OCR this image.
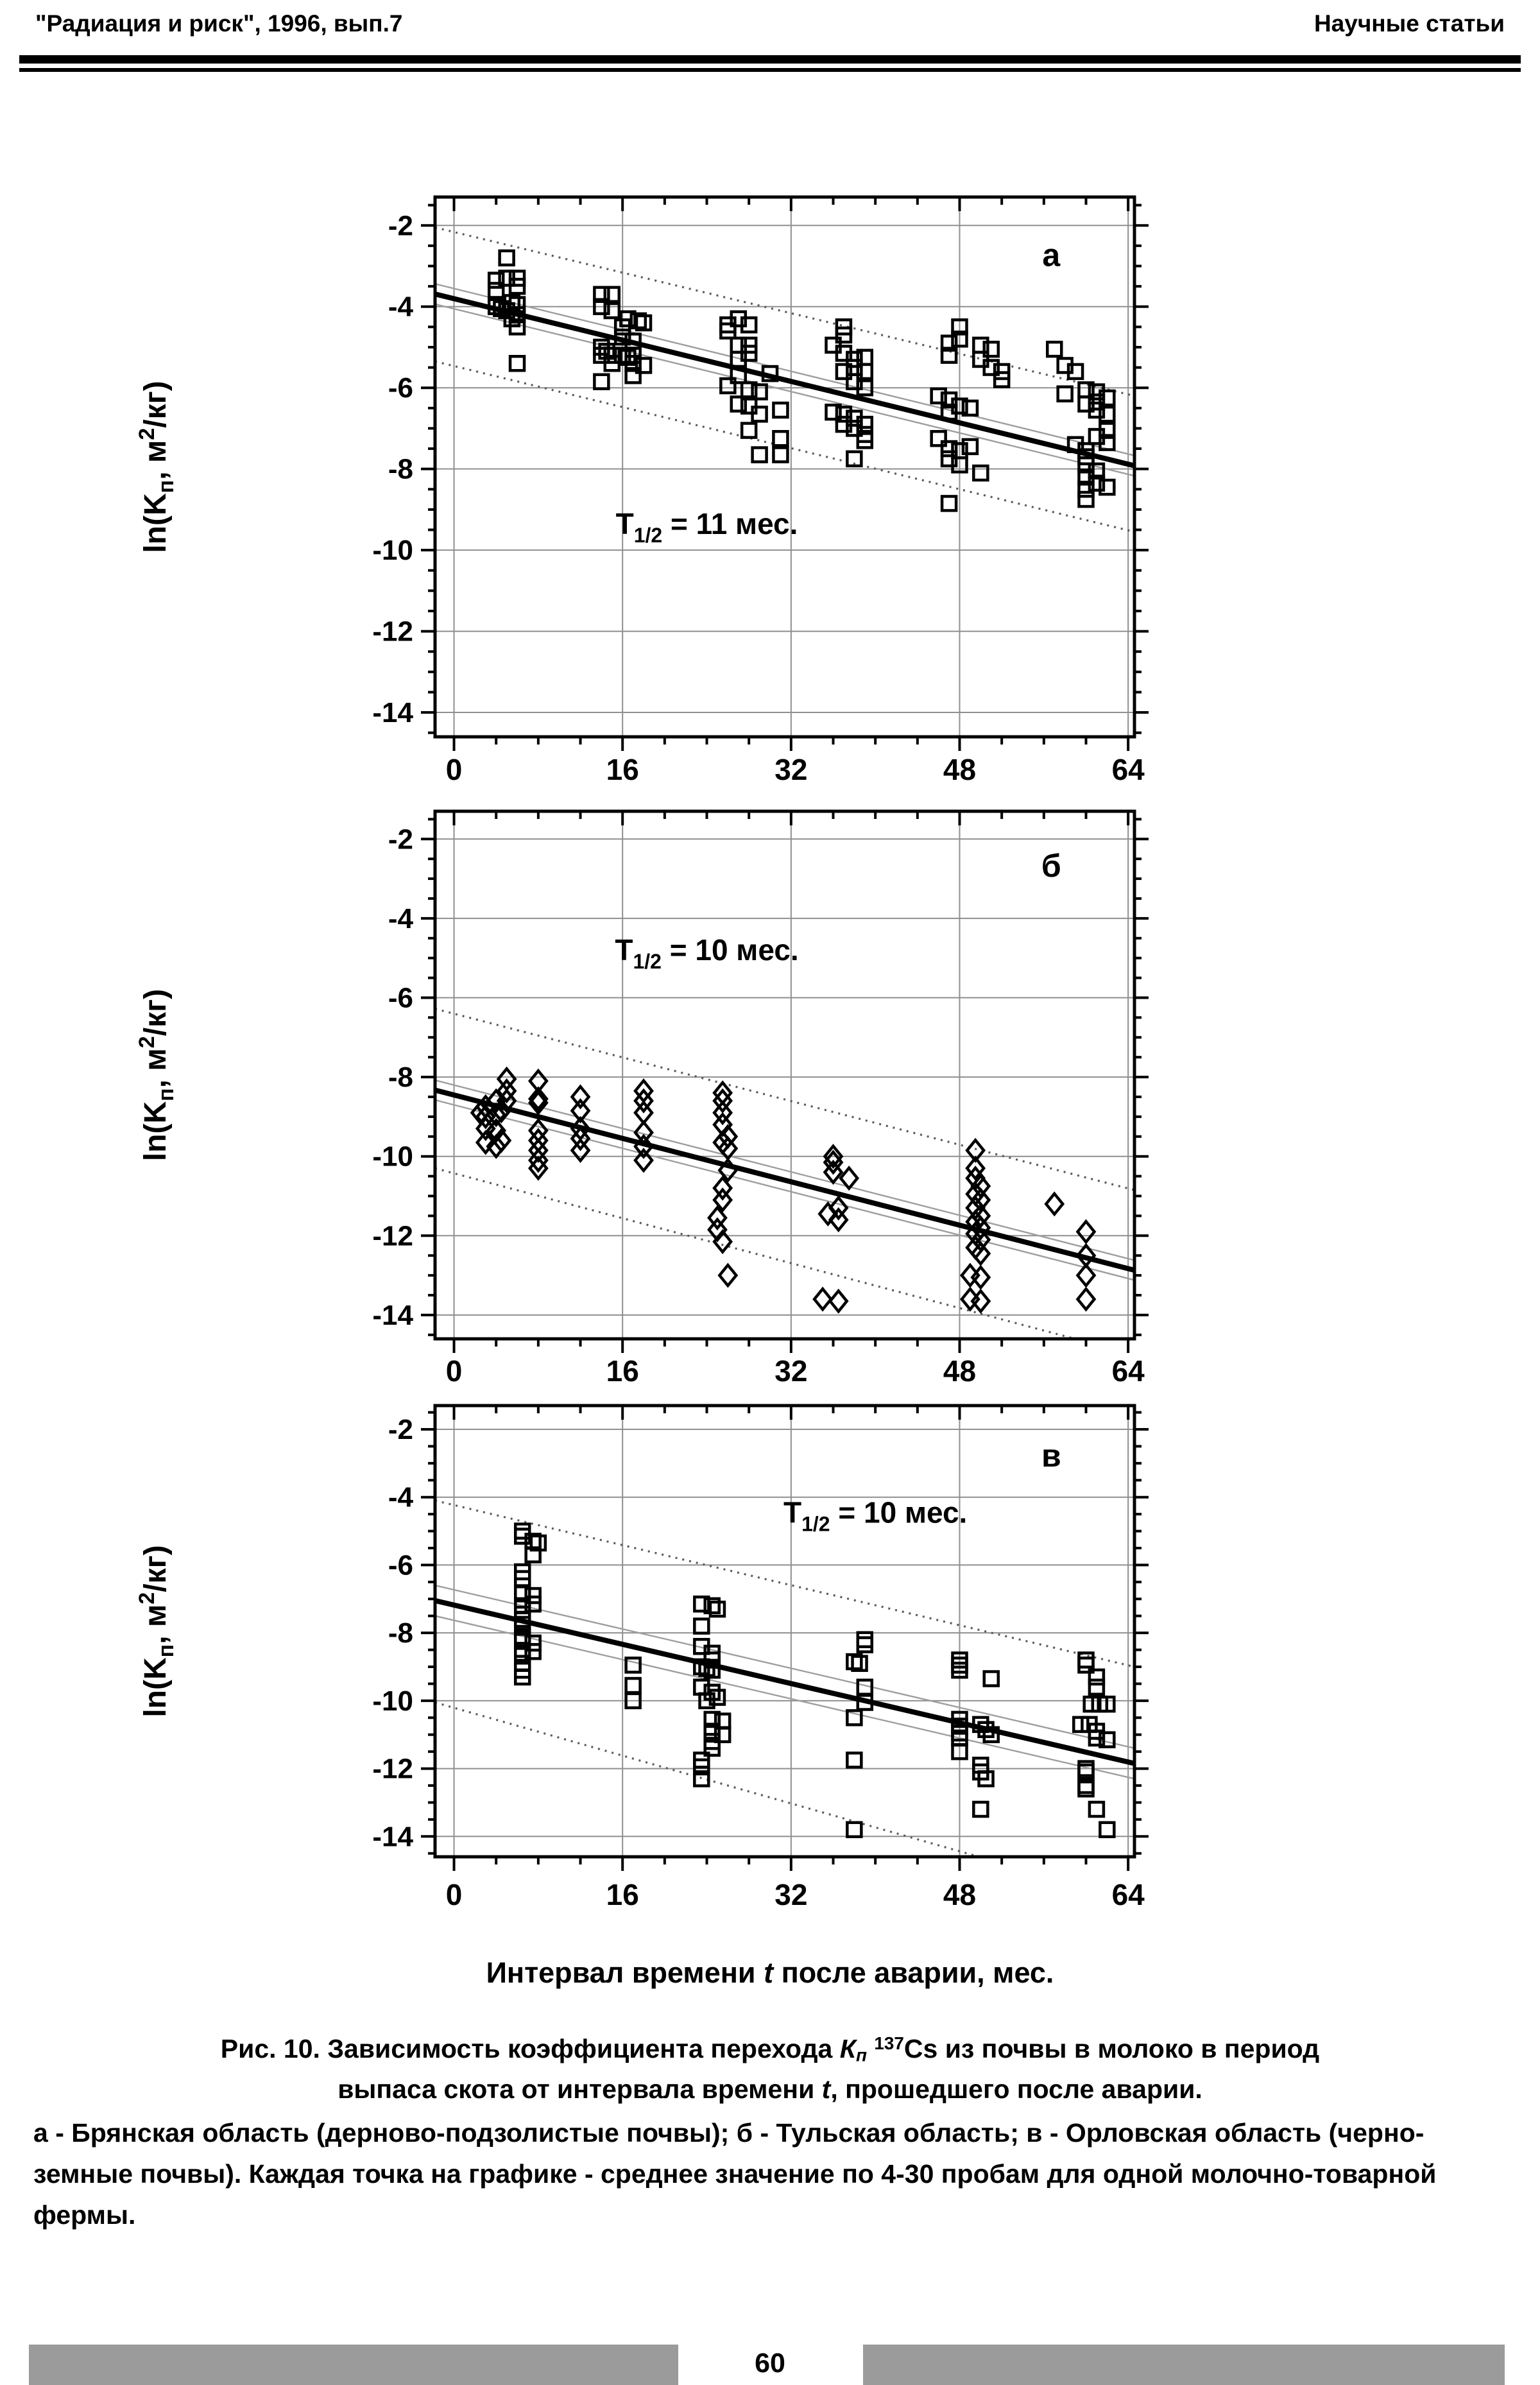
"Радиация и риск", 1996, вып.7	Научные статьи
-2
-4
-6
-8
-10
-12
-14
0	16	32	48	64
а
$T_{1/2} = 11$ мес.
$\ln(K_п$, $м^2/кг$)
-2
-4
-6
-8
-10
-12
-14
0	16	32	48	64
б
$T_{1/2} = 10$ мес.
$\ln(K_п$, $м^2/кг$)
-2
-4
-6
-8
-10
-12
-14
0	16	32	48	64
в
$T_{1/2} = 10$ мес.
$\ln(K_п$, $м^2/кг$)
Интервал времени t после аварии, мес.
Рис. 10. Зависимость коэффициента перехода $К_п$ $^{137}$Cs из почвы в молоко в период
выпаса скота от интервала времени t, прошедшего после аварии.
а - Брянская область (дерново-подзолистые почвы); б - Тульская область; в - Орловская область (черно-
земные почвы). Каждая точка на графике - среднее значение по 4-30 пробам для одной молочно-товарной
фермы.
60
